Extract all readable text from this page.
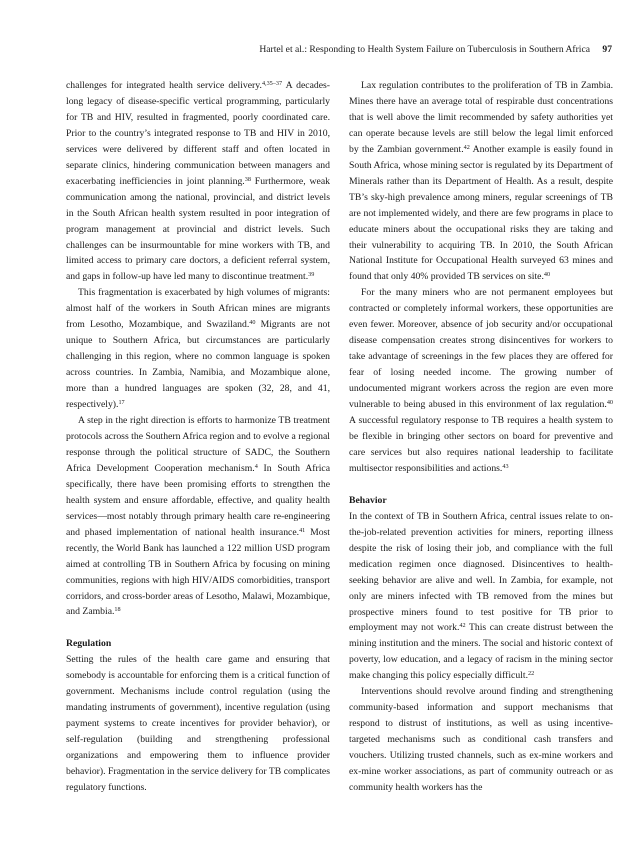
Hartel et al.: Responding to Health System Failure on Tuberculosis in Southern Africa 97

challenges for integrated health service delivery.$^{4,35-37}$ A decades-long legacy of disease-specific vertical programming, particularly for TB and HIV, resulted in fragmented, poorly coordinated care. Prior to the country’s integrated response to TB and HIV in 2010, services were delivered by different staff and often located in separate clinics, hindering communication between managers and exacerbating inefficiencies in joint planning.$^{38}$ Furthermore, weak communication among the national, provincial, and district levels in the South African health system resulted in poor integration of program management at provincial and district levels. Such challenges can be insurmountable for mine workers with TB, and limited access to primary care doctors, a deficient referral system, and gaps in follow-up have led many to discontinue treatment.$^{39}$

This fragmentation is exacerbated by high volumes of migrants: almost half of the workers in South African mines are migrants from Lesotho, Mozambique, and Swaziland.$^{40}$ Migrants are not unique to Southern Africa, but circumstances are particularly challenging in this region, where no common language is spoken across countries. In Zambia, Namibia, and Mozambique alone, more than a hundred languages are spoken (32, 28, and 41, respectively).$^{17}$

A step in the right direction is efforts to harmonize TB treatment protocols across the Southern Africa region and to evolve a regional response through the political structure of SADC, the Southern Africa Development Cooperation mechanism.$^4$ In South Africa specifically, there have been promising efforts to strengthen the health system and ensure affordable, effective, and quality health services—most notably through primary health care re-engineering and phased implementation of national health insurance.$^{41}$ Most recently, the World Bank has launched a 122 million USD program aimed at controlling TB in Southern Africa by focusing on mining communities, regions with high HIV/AIDS comorbidities, transport corridors, and cross-border areas of Lesotho, Malawi, Mozambique, and Zambia.$^{18}$

Regulation

Setting the rules of the health care game and ensuring that somebody is accountable for enforcing them is a critical function of government. Mechanisms include control regulation (using the mandating instruments of government), incentive regulation (using payment systems to create incentives for provider behavior), or self-regulation (building and strengthening professional organizations and empowering them to influence provider behavior). Fragmentation in the service delivery for TB complicates regulatory functions.

Lax regulation contributes to the proliferation of TB in Zambia. Mines there have an average total of respirable dust concentrations that is well above the limit recommended by safety authorities yet can operate because levels are still below the legal limit enforced by the Zambian government.$^{42}$ Another example is easily found in South Africa, whose mining sector is regulated by its Department of Minerals rather than its Department of Health. As a result, despite TB’s sky-high prevalence among miners, regular screenings of TB are not implemented widely, and there are few programs in place to educate miners about the occupational risks they are taking and their vulnerability to acquiring TB. In 2010, the South African National Institute for Occupational Health surveyed 63 mines and found that only 40% provided TB services on site.$^{40}$

For the many miners who are not permanent employees but contracted or completely informal workers, these opportunities are even fewer. Moreover, absence of job security and/or occupational disease compensation creates strong disincentives for workers to take advantage of screenings in the few places they are offered for fear of losing needed income. The growing number of undocumented migrant workers across the region are even more vulnerable to being abused in this environment of lax regulation.$^{40}$ A successful regulatory response to TB requires a health system to be flexible in bringing other sectors on board for preventive and care services but also requires national leadership to facilitate multisector responsibilities and actions.$^{43}$

Behavior

In the context of TB in Southern Africa, central issues relate to on-the-job-related prevention activities for miners, reporting illness despite the risk of losing their job, and compliance with the full medication regimen once diagnosed. Disincentives to health-seeking behavior are alive and well. In Zambia, for example, not only are miners infected with TB removed from the mines but prospective miners found to test positive for TB prior to employment may not work.$^{42}$ This can create distrust between the mining institution and the miners. The social and historic context of poverty, low education, and a legacy of racism in the mining sector make changing this policy especially difficult.$^{22}$

Interventions should revolve around finding and strengthening community-based information and support mechanisms that respond to distrust of institutions, as well as using incentive-targeted mechanisms such as conditional cash transfers and vouchers. Utilizing trusted channels, such as ex-mine workers and ex-mine worker associations, as part of community outreach or as community health workers has the
